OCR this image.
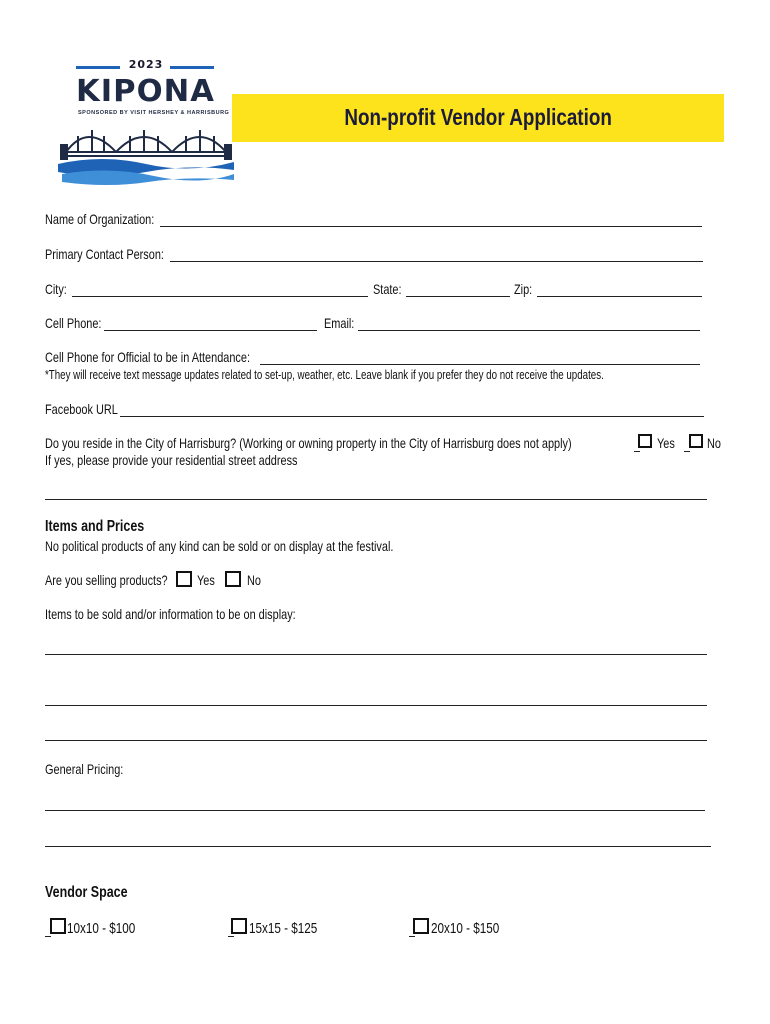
2023
KIPONA
SPONSORED BY VISIT HERSHEY & HARRISBURG	Non-profit Vendor Application
Name of Organization:
Primary Contact Person:
City:	State:	Zip:
Cell Phone:	Email:
Cell Phone for Official to be in Attendance:
*They will receive text message updates related to set-up, weather, etc. Leave blank if you prefer they do not receive the updates.
Facebook URL
Do you reside in the City of Harrisburg? (Working or owning property in the City of Harrisburg does not apply)	Yes No
If yes, please provide your residential street address
Items and Prices
No political products of any kind can be sold or on display at the festival.
Are you selling products? Yes No
Items to be sold and/or information to be on display:
General Pricing:
Vendor Space
10x10 - $100	15x15 - $125	20x10 - $150
